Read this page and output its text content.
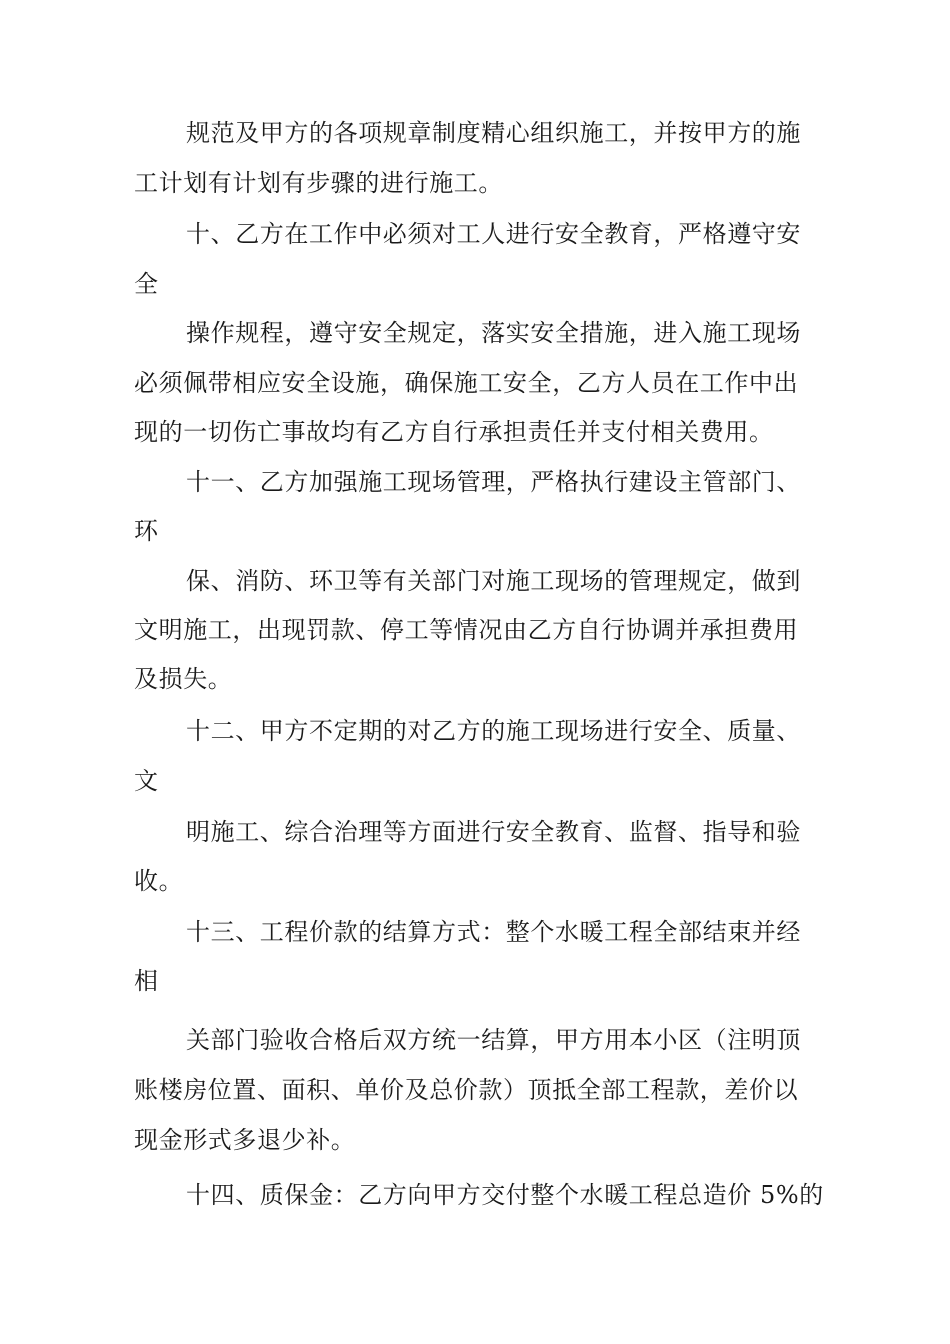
规范及甲方的各项规章制度精心组织施工，并按甲方的施
工计划有计划有步骤的进行施工。
十、乙方在工作中必须对工人进行安全教育，严格遵守安
全
操作规程，遵守安全规定，落实安全措施，进入施工现场
必须佩带相应安全设施，确保施工安全，乙方人员在工作中出
现的一切伤亡事故均有乙方自行承担责任并支付相关费用。
十一、乙方加强施工现场管理，严格执行建设主管部门、
环
保、消防、环卫等有关部门对施工现场的管理规定，做到
文明施工，出现罚款、停工等情况由乙方自行协调并承担费用
及损失。
十二、甲方不定期的对乙方的施工现场进行安全、质量、
文
明施工、综合治理等方面进行安全教育、监督、指导和验
收。
十三、工程价款的结算方式：整个水暖工程全部结束并经
相
关部门验收合格后双方统一结算，甲方用本小区（注明顶
账楼房位置、面积、单价及总价款）顶抵全部工程款，差价以
现金形式多退少补。
十四、质保金：乙方向甲方交付整个水暖工程总造价 5%的
